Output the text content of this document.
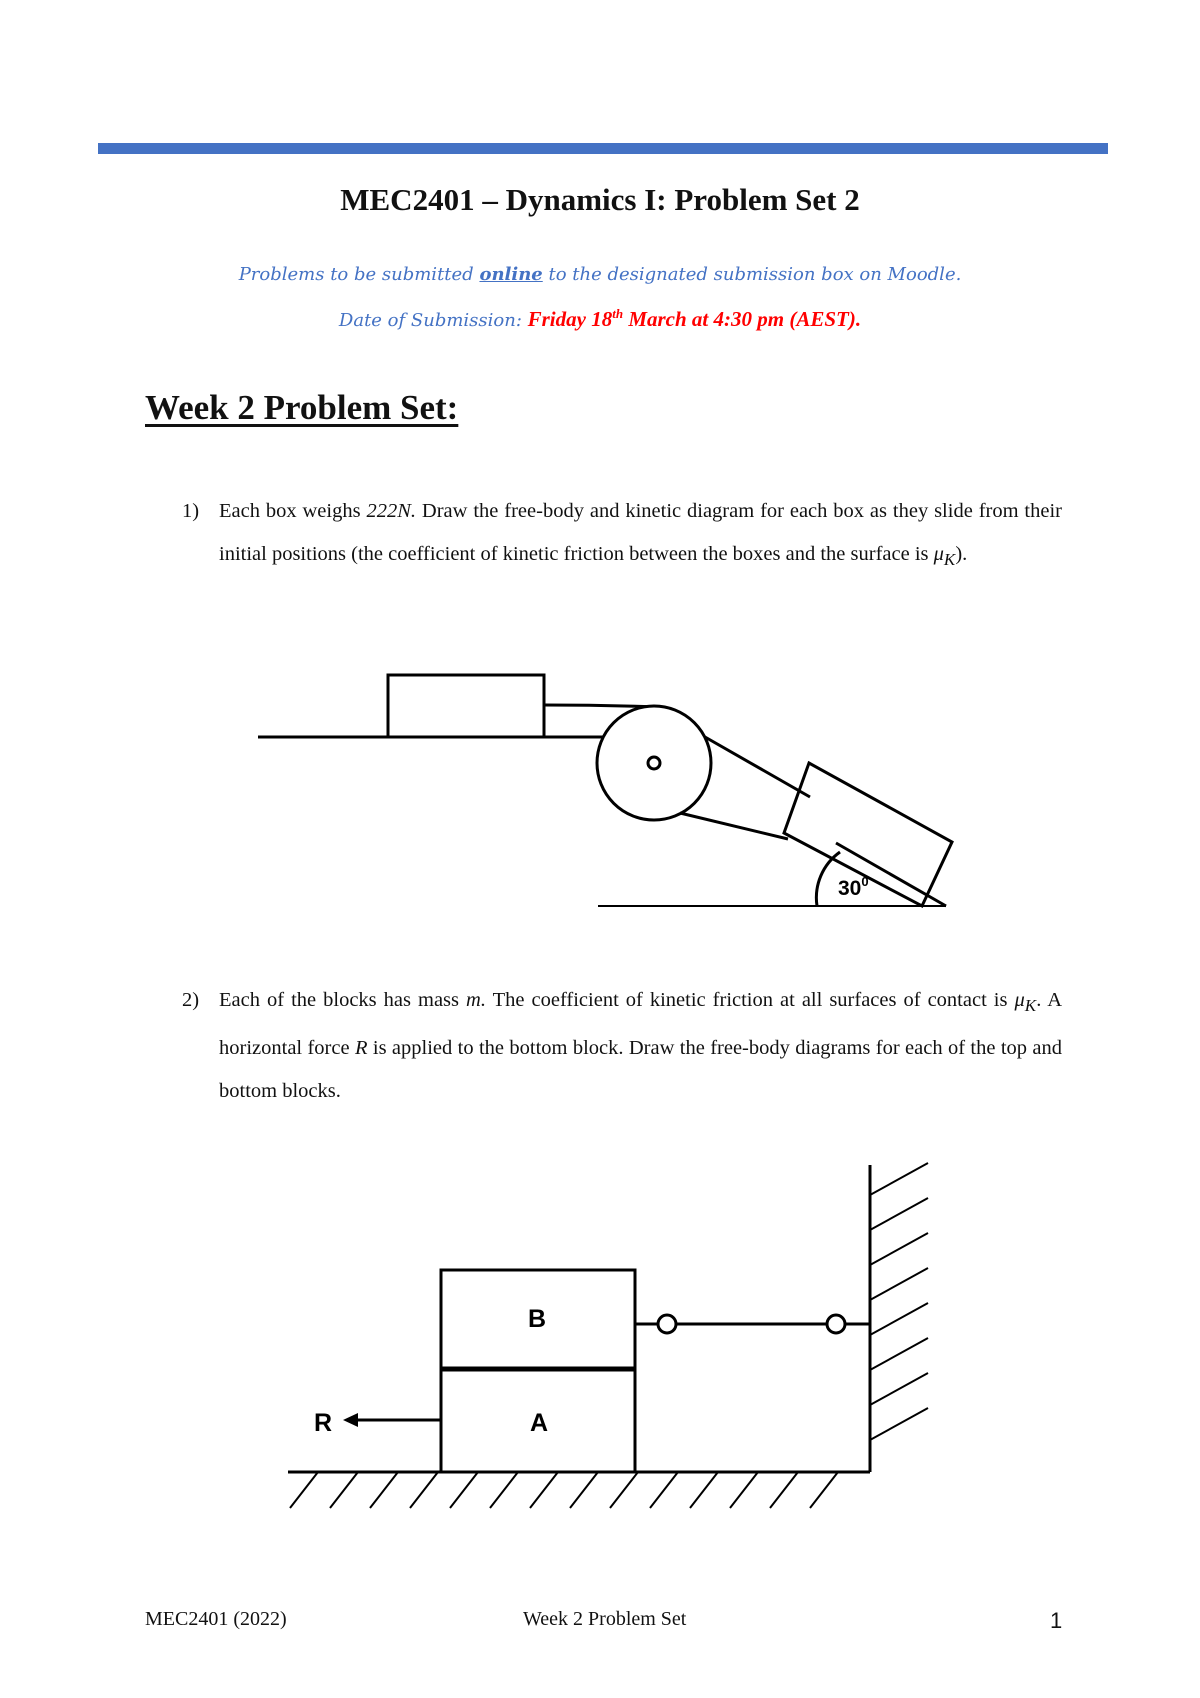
MEC2401 – Dynamics I: Problem Set 2
Problems to be submitted online to the designated submission box on Moodle.
Date of Submission: Friday 18th March at 4:30 pm (AEST).
Week 2 Problem Set:
1) Each box weighs 222N. Draw the free-body and kinetic diagram for each box as they slide from their initial positions (the coefficient of kinetic friction between the boxes and the surface is $\mu_K$).
2) Each of the blocks has mass m. The coefficient of kinetic friction at all surfaces of contact is $\mu_K$. A horizontal force R is applied to the bottom block. Draw the free-body diagrams for each of the top and bottom blocks.
$30^0$
B
A
R
MEC2401 (2022)	Week 2 Problem Set	1
